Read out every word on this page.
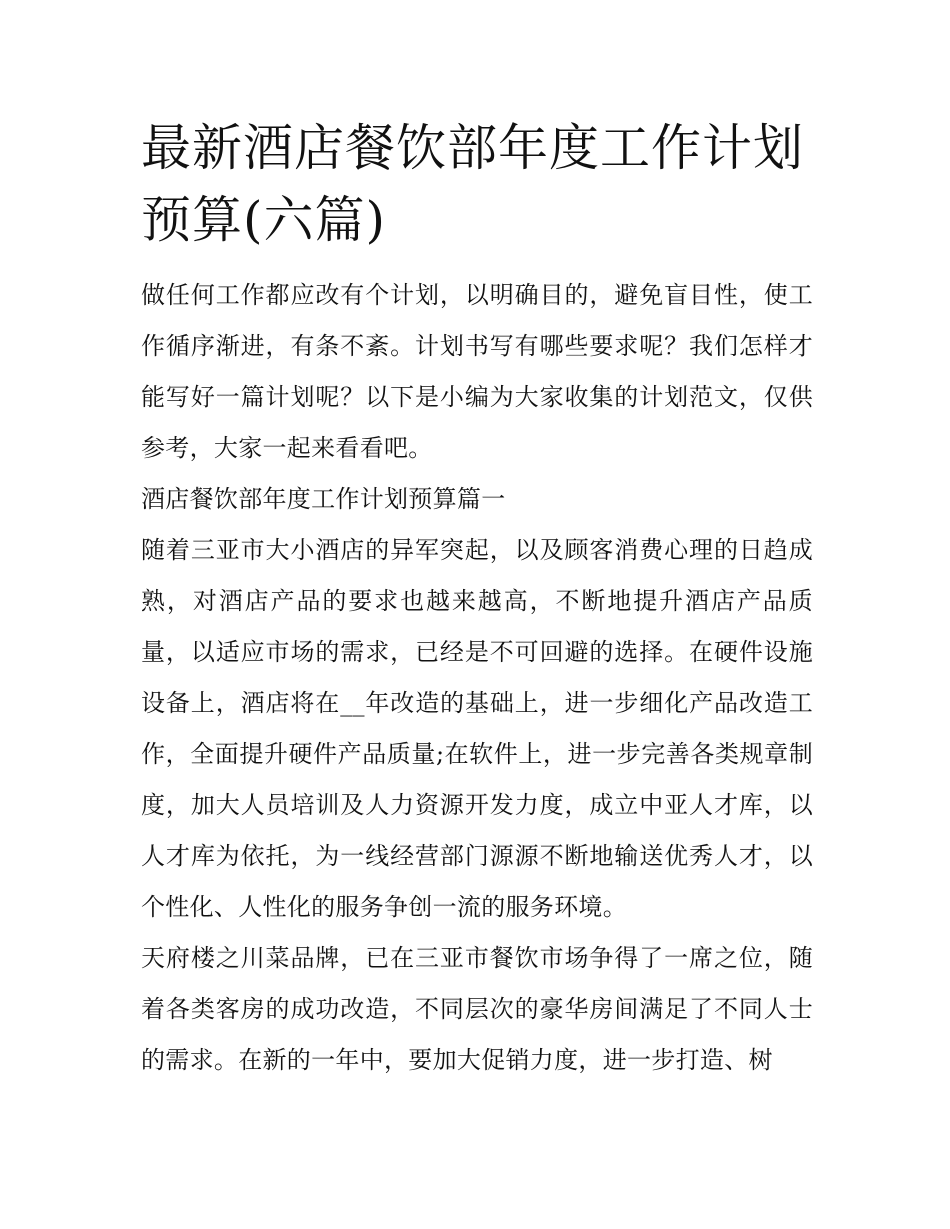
最新酒店餐饮部年度工作计划预算(六篇)

做任何工作都应改有个计划，以明确目的，避免盲目性，使工作循序渐进，有条不紊。计划书写有哪些要求呢？我们怎样才能写好一篇计划呢？以下是小编为大家收集的计划范文，仅供参考，大家一起来看看吧。

酒店餐饮部年度工作计划预算篇一

随着三亚市大小酒店的异军突起，以及顾客消费心理的日趋成熟，对酒店产品的要求也越来越高，不断地提升酒店产品质量，以适应市场的需求，已经是不可回避的选择。在硬件设施设备上，酒店将在__年改造的基础上，进一步细化产品改造工作，全面提升硬件产品质量;在软件上，进一步完善各类规章制度，加大人员培训及人力资源开发力度，成立中亚人才库，以人才库为依托，为一线经营部门源源不断地输送优秀人才，以个性化、人性化的服务争创一流的服务环境。

天府楼之川菜品牌，已在三亚市餐饮市场争得了一席之位，随着各类客房的成功改造，不同层次的豪华房间满足了不同人士的需求。在新的一年中，要加大促销力度，进一步打造、树
